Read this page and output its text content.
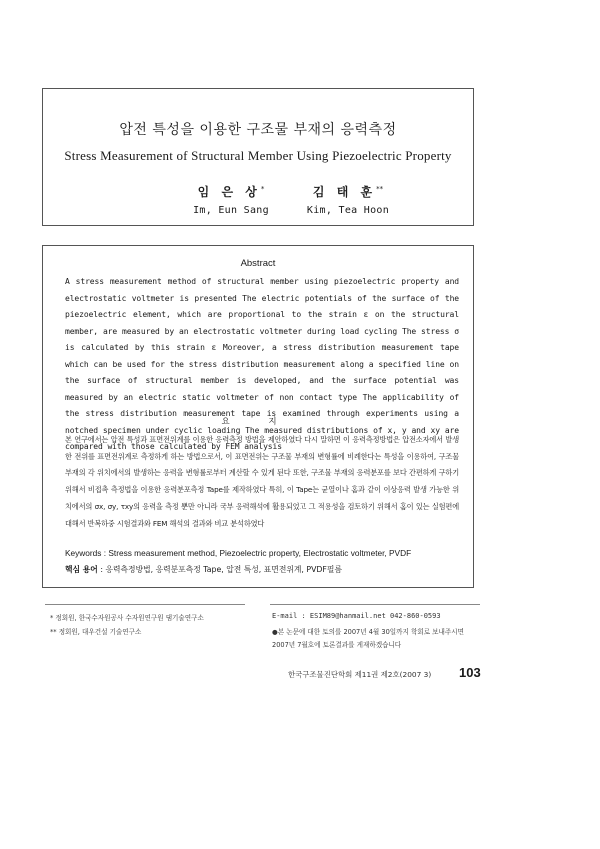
압전 특성을 이용한 구조물 부재의 응력측정
Stress Measurement of Structural Member Using Piezoelectric Property
임 은 상*
Im, Eun Sang
김 태 훈**
Kim, Tea Hoon
Abstract
A stress measurement method of structural member using piezoelectric property and electrostatic voltmeter is presented The electric potentials of the surface of the piezoelectric element, which are proportional to the strain ε on the structural member, are measured by an electrostatic voltmeter during load cycling The stress σ is calculated by this strain ε Moreover, a stress distribution measurement tape which can be used for the stress distribution measurement along a specified line on the surface of structural member is developed, and the surface potential was measured by an electric static voltmeter of non contact type The applicability of the stress distribution measurement tape is examined through experiments using a notched specimen under cyclic loading The measured distributions of x, y and xy are compared with those calculated by FEM analysis
요 지
본 연구에서는 압전 특성과 표면전위계를 이용한 응력측정 방법을 제안하였다 다시 말하면 이 응력측정방법은 압전소자에서 발생한 전위를 표면전위계로 측정하게 하는 방법으로서, 이 표면전위는 구조물 부재의 변형률에 비례한다는 특성을 이용하여, 구조물 부재의 각 위치에서의 발생하는 응력을 변형률로부터 계산할 수 있게 된다 또한, 구조물 부재의 응력분포를 보다 간편하게 구하기 위해서 비접촉 측정법을 이용한 응력분포측정 Tape를 제작하였다 특히, 이 Tape는 균열이나 홈과 같이 이상응력 발생 가능한 위치에서의 σx, σy, τxy의 응력을 측정 뿐만 아니라 국부 응력해석에 활용되었고 그 적용성을 검토하기 위해서 홈이 있는 실험편에 대해서 반복하중 시험결과와 FEM 해석의 결과와 비교 분석하였다
Keywords : Stress measurement method, Piezoelectric property, Electrostatic voltmeter, PVDF
핵심 용어 : 응력측정방법, 응력분포측정 Tape, 압전 특성, 표면전위계, PVDF필름
* 정회원, 한국수자원공사 수자원연구원 댐기술연구소
** 정회원, 대우건설 기술연구소
E-mail : ESIM89@hanmail.net 042-860-0593
●본 논문에 대한 토의를 2007년 4월 30일까지 학회로 보내주시면 2007년 7월호에 토론결과를 게재하겠습니다
한국구조물진단학회 제11권 제2호(2007 3) 103
